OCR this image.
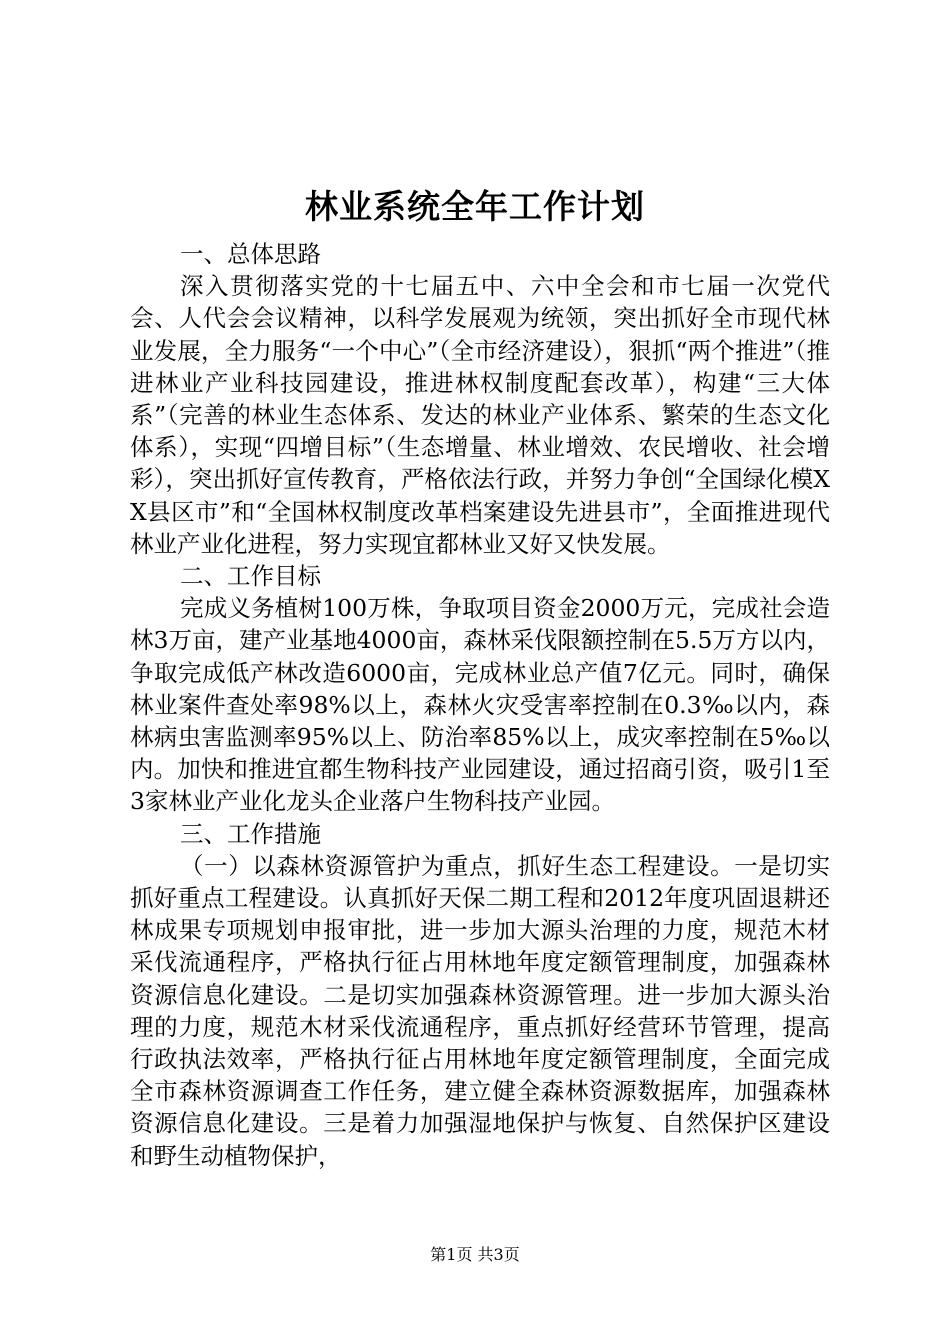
林业系统全年工作计划

一、总体思路

深入贯彻落实党的十七届五中、六中全会和市七届一次党代会、人代会会议精神，以科学发展观为统领，突出抓好全市现代林业发展，全力服务“一个中心”（全市经济建设），狠抓“两个推进”（推进林业产业科技园建设，推进林权制度配套改革），构建“三大体系”（完善的林业生态体系、发达的林业产业体系、繁荣的生态文化体系），实现“四增目标”（生态增量、林业增效、农民增收、社会增彩），突出抓好宣传教育，严格依法行政，并努力争创“全国绿化模XX县区市”和“全国林权制度改革档案建设先进县市”，全面推进现代林业产业化进程，努力实现宜都林业又好又快发展。

二、工作目标

完成义务植树100万株，争取项目资金2000万元，完成社会造林3万亩，建产业基地4000亩，森林采伐限额控制在5.5万方以内，争取完成低产林改造6000亩，完成林业总产值7亿元。同时，确保林业案件查处率98%以上，森林火灾受害率控制在0.3‰以内，森林病虫害监测率95%以上、防治率85%以上，成灾率控制在5‰以内。加快和推进宜都生物科技产业园建设，通过招商引资，吸引1至3家林业产业化龙头企业落户生物科技产业园。

三、工作措施

（一）以森林资源管护为重点，抓好生态工程建设。一是切实抓好重点工程建设。认真抓好天保二期工程和2012年度巩固退耕还林成果专项规划申报审批，进一步加大源头治理的力度，规范木材采伐流通程序，严格执行征占用林地年度定额管理制度，加强森林资源信息化建设。二是切实加强森林资源管理。进一步加大源头治理的力度，规范木材采伐流通程序，重点抓好经营环节管理，提高行政执法效率，严格执行征占用林地年度定额管理制度，全面完成全市森林资源调查工作任务，建立健全森林资源数据库，加强森林资源信息化建设。三是着力加强湿地保护与恢复、自然保护区建设和野生动植物保护，

第1页 共3页
